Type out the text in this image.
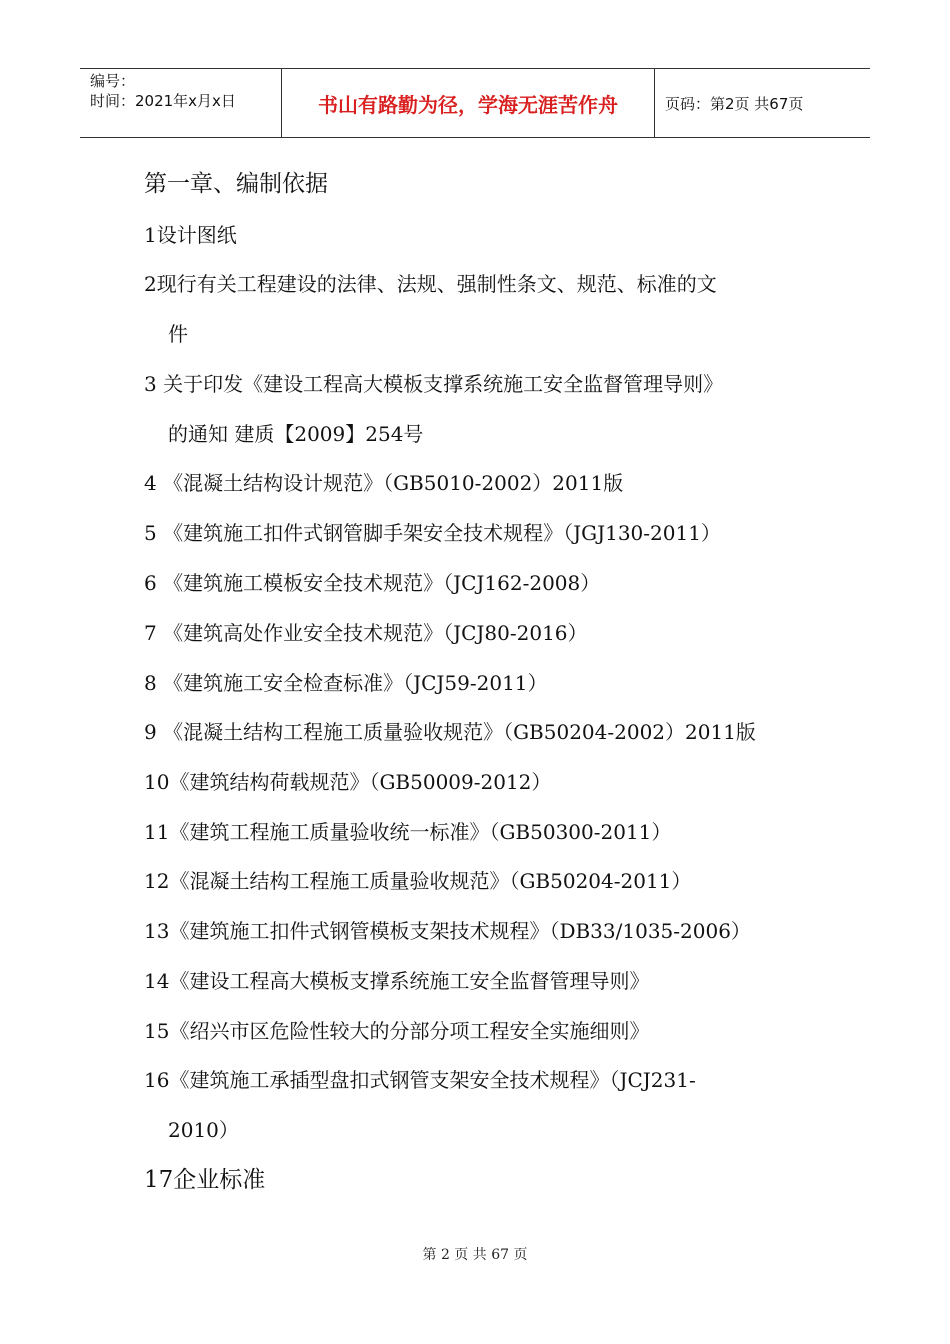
编号：
时间：2021年x月x日	书山有路勤为径，学海无涯苦作舟	页码：第2页 共67页
第一章、编制依据
1设计图纸
2现行有关工程建设的法律、法规、强制性条文、规范、标准的文
件
3 关于印发《建设工程高大模板支撑系统施工安全监督管理导则》
的通知 建质【2009】254号
4 《混凝土结构设计规范》（GB5010-2002）2011版
5 《建筑施工扣件式钢管脚手架安全技术规程》（JGJ130-2011）
6 《建筑施工模板安全技术规范》（JCJ162-2008）
7 《建筑高处作业安全技术规范》（JCJ80-2016）
8 《建筑施工安全检查标准》（JCJ59-2011）
9 《混凝土结构工程施工质量验收规范》（GB50204-2002）2011版
10《建筑结构荷载规范》（GB50009-2012）
11《建筑工程施工质量验收统一标准》（GB50300-2011）
12《混凝土结构工程施工质量验收规范》（GB50204-2011）
13《建筑施工扣件式钢管模板支架技术规程》（DB33/1035-2006）
14《建设工程高大模板支撑系统施工安全监督管理导则》
15《绍兴市区危险性较大的分部分项工程安全实施细则》
16《建筑施工承插型盘扣式钢管支架安全技术规程》（JCJ231-
2010）
17企业标准
第 2 页 共 67 页
